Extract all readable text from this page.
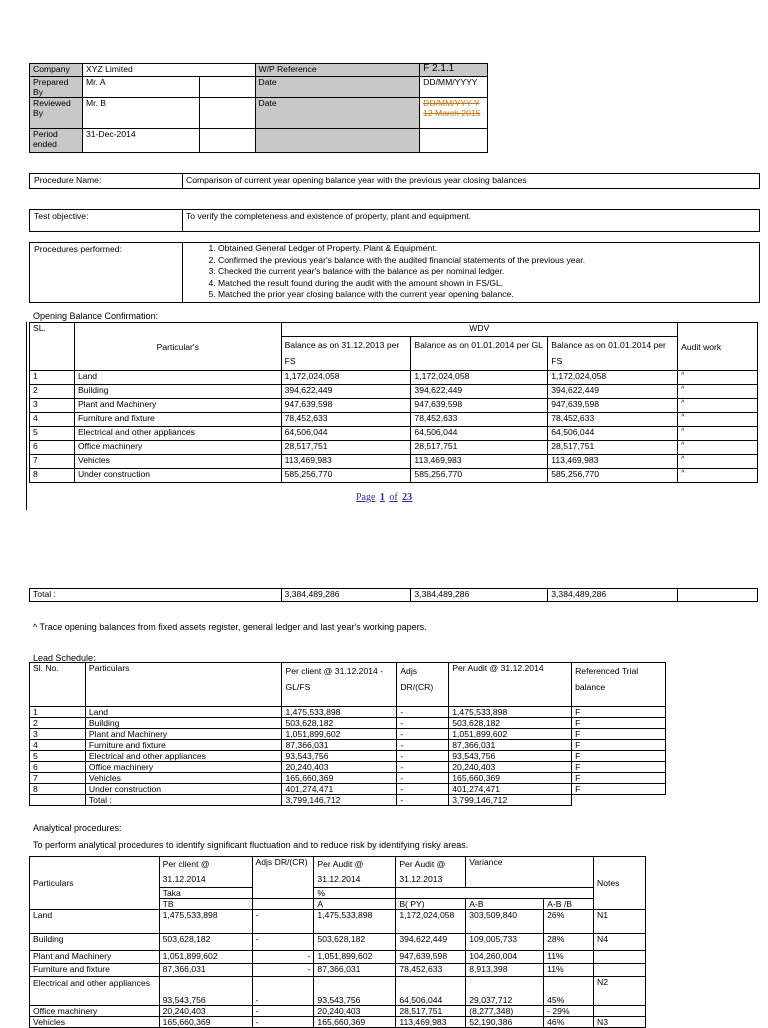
Company	XYZ Limited		W/P Reference	F 2.1.1
Prepared By	Mr. A		Date	DD/MM/YYYY
Reviewed By	Mr. B		Date	DD/MM/YYY Y12 March 2015
Period ended	31-Dec-2014			
Procedure Name:	Comparison of current year opening balance year with the previous year closing balances
Test objective:	To verify the completeness and existence of property, plant and equipment.
Procedures performed:	1. Obtained General Ledger of Property, Plant & Equipment.
2. Confirmed the previous year's balance with the audited financial statements of the previous year.
3. Checked the current year's balance with the balance as per nominal ledger.
4. Matched the result found during the audit with the amount shown in FS/GL.
5. Matched the prior year closing balance with the current year opening balance.
Opening Balance Confirmation:
SL.	Particular's	WDV			Audit work
		Balance as on 31.12.2013 per FS	Balance as on 01.01.2014 per GL	Balance as on 01.01.2014 per FS	
1	Land	1,172,024,058	1,172,024,058	1,172,024,058	^
2	Building	394,622,449	394,622,449	394,622,449	^
3	Plant and Machinery	947,639,598	947,639,598	947,639,598	^
4	Furniture and fixture	78,452,633	78,452,633	78,452,633	^
5	Electrical and other appliances	64,506,044	64,506,044	64,506,044	^
6	Office machinery	28,517,751	28,517,751	28,517,751	^
7	Vehicles	113,469,983	113,469,983	113,469,983	^
8	Under construction	585,256,770	585,256,770	585,256,770	^
Page 1 of 23
Total :	3,384,489,286	3,384,489,286	3,384,489,286	
^ Trace opening balances from fixed assets register, general ledger and last year's working papers.
Lead Schedule:
Sl. No.	Particulars	Per client @ 31.12.2014 -GL/FS	Adjs DR/(CR)	Per Audit @ 31.12.2014	Referenced Trial balance
1	Land	1,475,533,898	-	1,475,533,898	F
2	Building	503,628,182	-	503,628,182	F
3	Plant and Machinery	1,051,899,602	-	1,051,899,602	F
4	Furniture and fixture	87,366,031	-	87,366,031	F
5	Electrical and other appliances	93,543,756	-	93,543,756	F
6	Office machinery	20,240,403	-	20,240,403	F
7	Vehicles	165,660,369	-	165,660,369	F
8	Under construction	401,274,471	-	401,274,471	F
	Total :	3,799,146,712	-	3,799,146,712	
Analytical procedures:
To perform analytical procedures to identify significant fluctuation and to reduce risk by identifying risky areas.
Particulars	Per client @ 31.12.2014	Adjs DR/(CR)	Per Audit @ 31.12.2014	Per Audit @ 31.12.2013	Variance		Notes
	Taka		%				
	TB		A	B( PY)	A-B	A-B /B	
Land	1,475,533,898	-	1,475,533,898	1,172,024,058	303,509,840	26%	N1
Building	503,628,182	-	503,628,182	394,622,449	109,005,733	28%	N4
Plant and Machinery	1,051,899,602	-	1,051,899,602	947,639,598	104,260,004	11%	
Furniture and fixture	87,366,031	-	87,366,031	78,452,633	8,913,398	11%	
Electrical and other appliances	93,543,756	-	93,543,756	64,506,044	29,037,712	45%	N2
Office machinery	20,240,403	-	20,240,403	28,517,751	(8,277,348)	- 29%	
Vehicles	165,660,369	-	165,660,369	113,469,983	52,190,386	46%	N3
